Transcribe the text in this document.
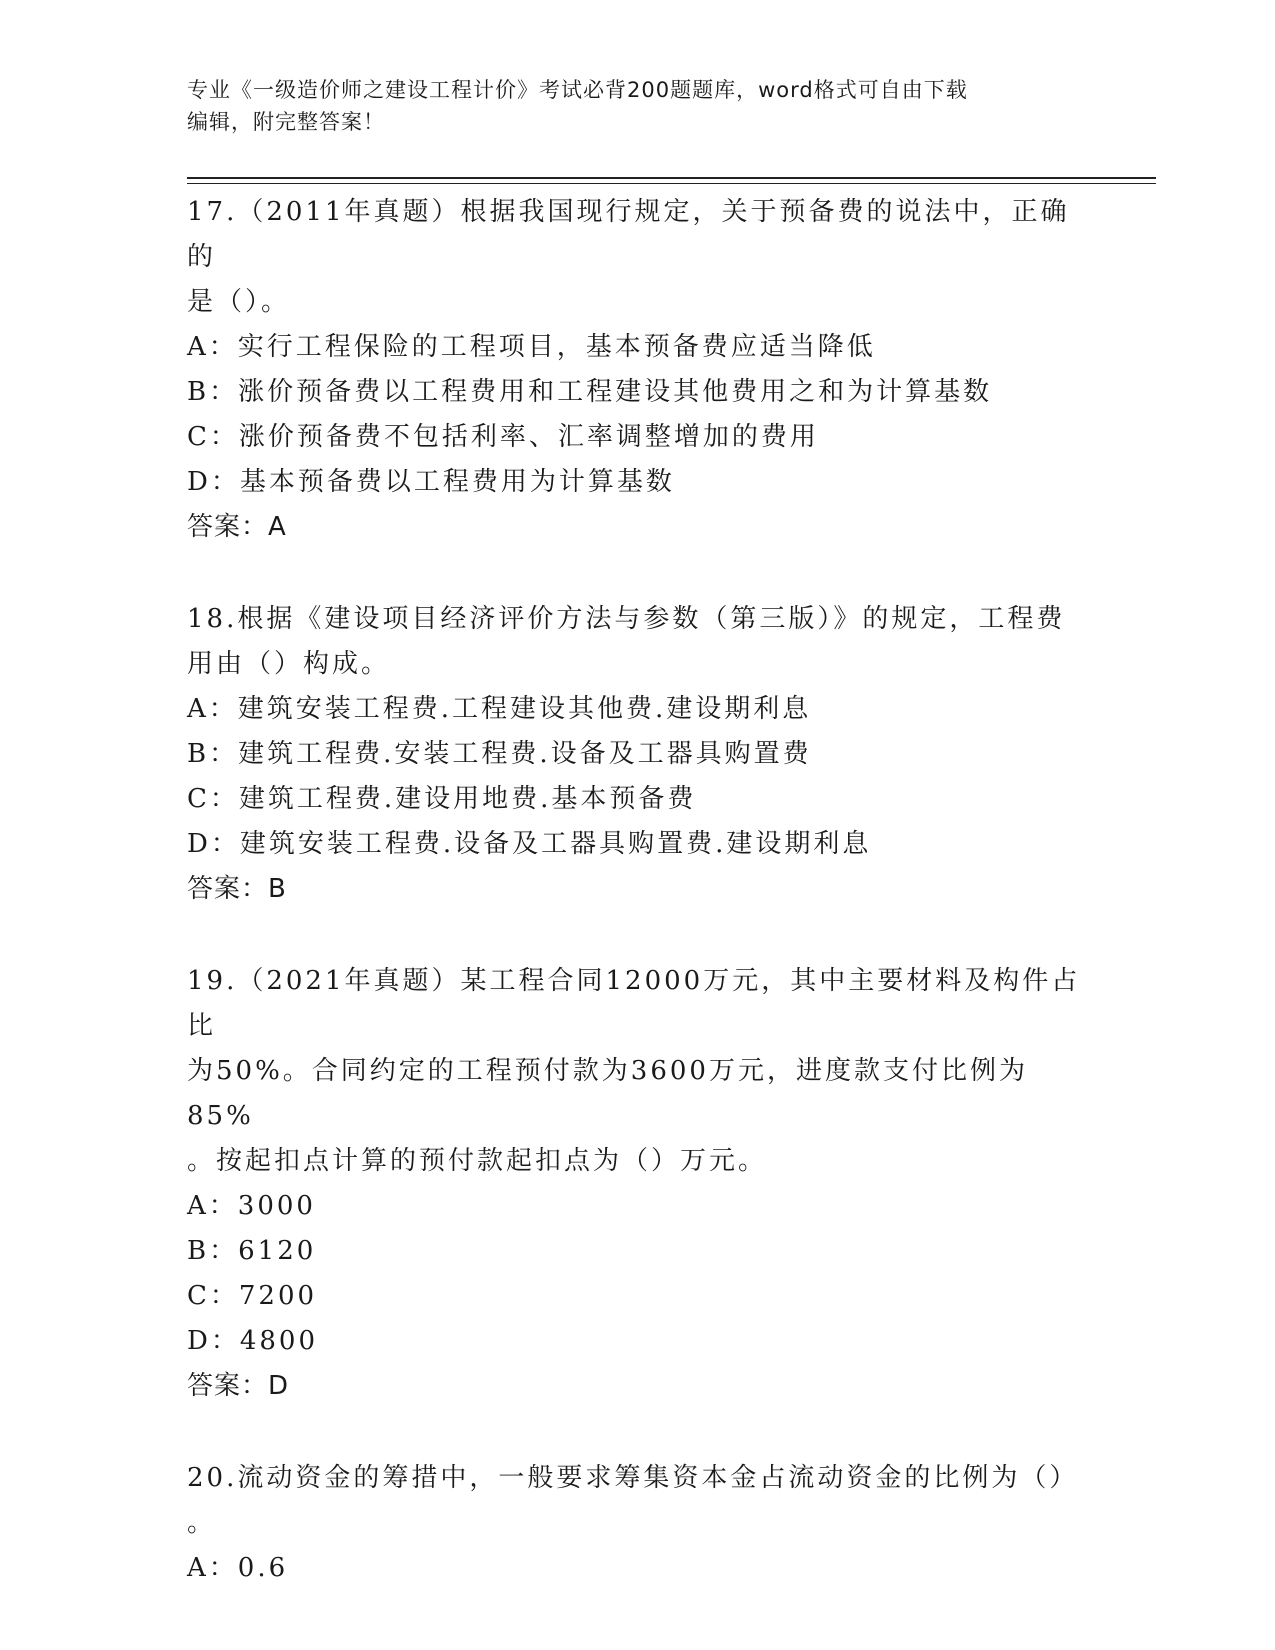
专业《一级造价师之建设工程计价》考试必背200题题库，word格式可自由下载
编辑，附完整答案！

17.（2011年真题）根据我国现行规定，关于预备费的说法中，正确的

是（）。

A：实行工程保险的工程项目，基本预备费应适当降低

B：涨价预备费以工程费用和工程建设其他费用之和为计算基数

C：涨价预备费不包括利率、汇率调整增加的费用

D：基本预备费以工程费用为计算基数

答案：A

18.根据《建设项目经济评价方法与参数（第三版）》的规定，工程费

用由（）构成。

A：建筑安装工程费.工程建设其他费.建设期利息

B：建筑工程费.安装工程费.设备及工器具购置费

C：建筑工程费.建设用地费.基本预备费

D：建筑安装工程费.设备及工器具购置费.建设期利息

答案：B

19.（2021年真题）某工程合同12000万元，其中主要材料及构件占比

为50%。合同约定的工程预付款为3600万元，进度款支付比例为85%

。按起扣点计算的预付款起扣点为（）万元。

A：3000

B：6120

C：7200

D：4800

答案：D

20.流动资金的筹措中，一般要求筹集资本金占流动资金的比例为（）

。

A：0.6
